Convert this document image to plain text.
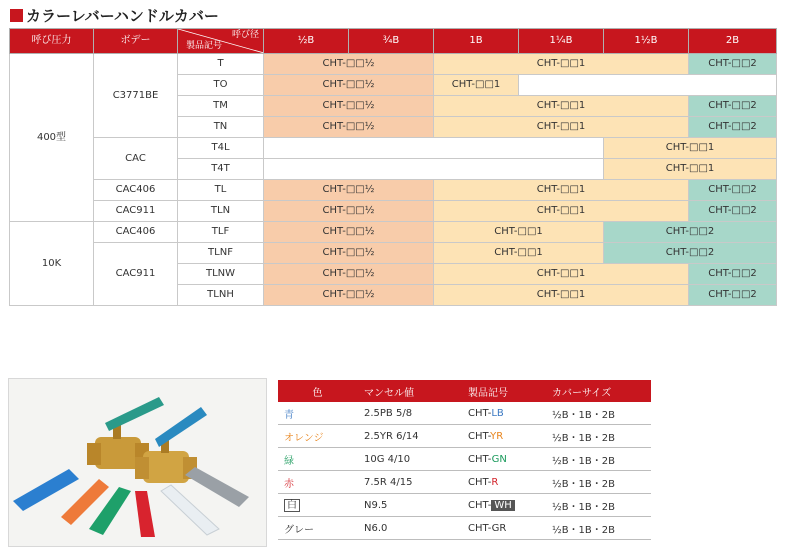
カラーレバーハンドルカバー
呼び圧力	ボデー	呼び径
製品記号	½B	¾B	1B	1¼B	1½B	2B
400型	C3771BE	T	CHT-□□½		CHT-□□1			CHT-□□2
		TO	CHT-□□½		CHT-□□1			
		TM	CHT-□□½		CHT-□□1			CHT-□□2
		TN	CHT-□□½		CHT-□□1			CHT-□□2
	CAC	T4L					CHT-□□1	
		T4T					CHT-□□1	
	CAC406	TL	CHT-□□½		CHT-□□1			CHT-□□2
	CAC911	TLN	CHT-□□½		CHT-□□1			CHT-□□2
10K	CAC406	TLF	CHT-□□½		CHT-□□1		CHT-□□2	
	CAC911	TLNF	CHT-□□½		CHT-□□1		CHT-□□2	
		TLNW	CHT-□□½		CHT-□□1			CHT-□□2
		TLNH	CHT-□□½		CHT-□□1			CHT-□□2
色	マンセル値	製品記号	カバーサイズ
青	2.5PB 5/8	CHT-LB	½B・1B・2B
オレンジ	2.5YR 6/14	CHT-YR	½B・1B・2B
緑	10G 4/10	CHT-GN	½B・1B・2B
赤	7.5R 4/15	CHT-R	½B・1B・2B
白	N9.5	CHT- WH	½B・1B・2B
グレー	N6.0	CHT-GR	½B・1B・2B
